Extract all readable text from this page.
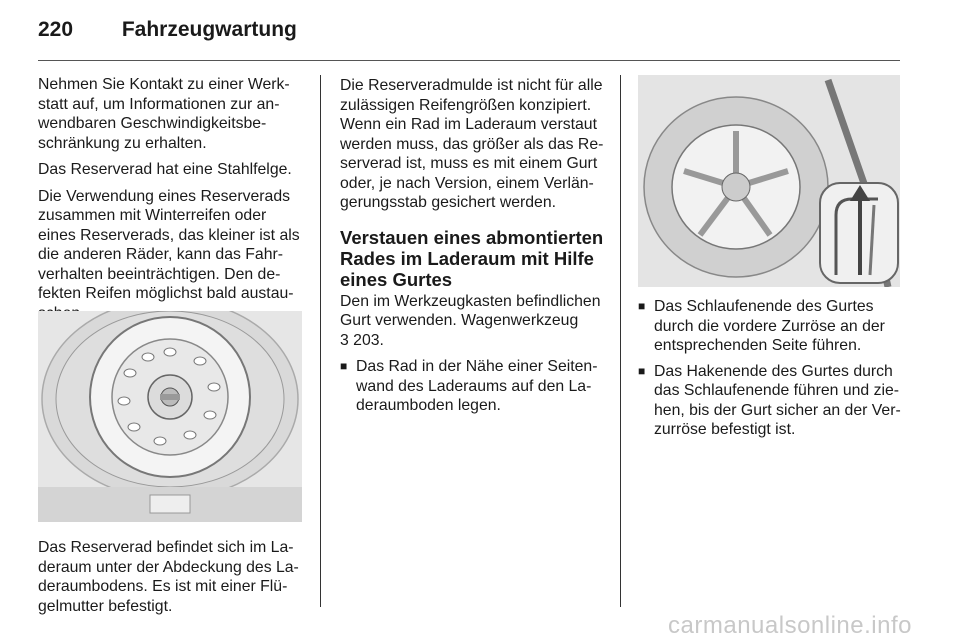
220 Fahrzeugwartung

Nehmen Sie Kontakt zu einer Werk-statt auf, um Informationen zur an-wendbaren Geschwindigkeitsbe-schränkung zu erhalten.

Das Reserverad hat eine Stahlfelge.

Die Verwendung eines Reserverads zusammen mit Winterreifen oder eines Reserverads, das kleiner ist als die anderen Räder, kann das Fahr-verhalten beeinträchtigen. Den de-fekten Reifen möglichst bald austau-

Das Reserverad befindet sich im La-deraum unter der Abdeckung des La-deraumbodens. Es ist mit einer Flü-gelmutter befestigt.

Die Reserveradmulde ist nicht für alle zulässigen Reifengrößen konzipiert. Wenn ein Rad im Laderaum verstaut werden muss, das größer als das Re-serverad ist, muss es mit einem Gurt oder, je nach Version, einem Verlän-gerungsstab gesichert werden.

Verstauen eines abmontierten Rades im Laderaum mit Hilfe eines Gurtes

Den im Werkzeugkasten befindlichen Gurt verwenden. Wagenwerkzeug

3 203.

■ Das Rad in der Nähe einer Seiten-wand des Laderaums auf den La-deraumboden legen.
■ Das Schlaufenende des Gurtes durch die vordere Zurröse an der entsprechenden Seite führen.
■ Das Hakenende des Gurtes durch das Schlaufenende führen und zie-hen, bis der Gurt sicher an der Ver-zurröse befestigt ist.
carmanualsonline.info
